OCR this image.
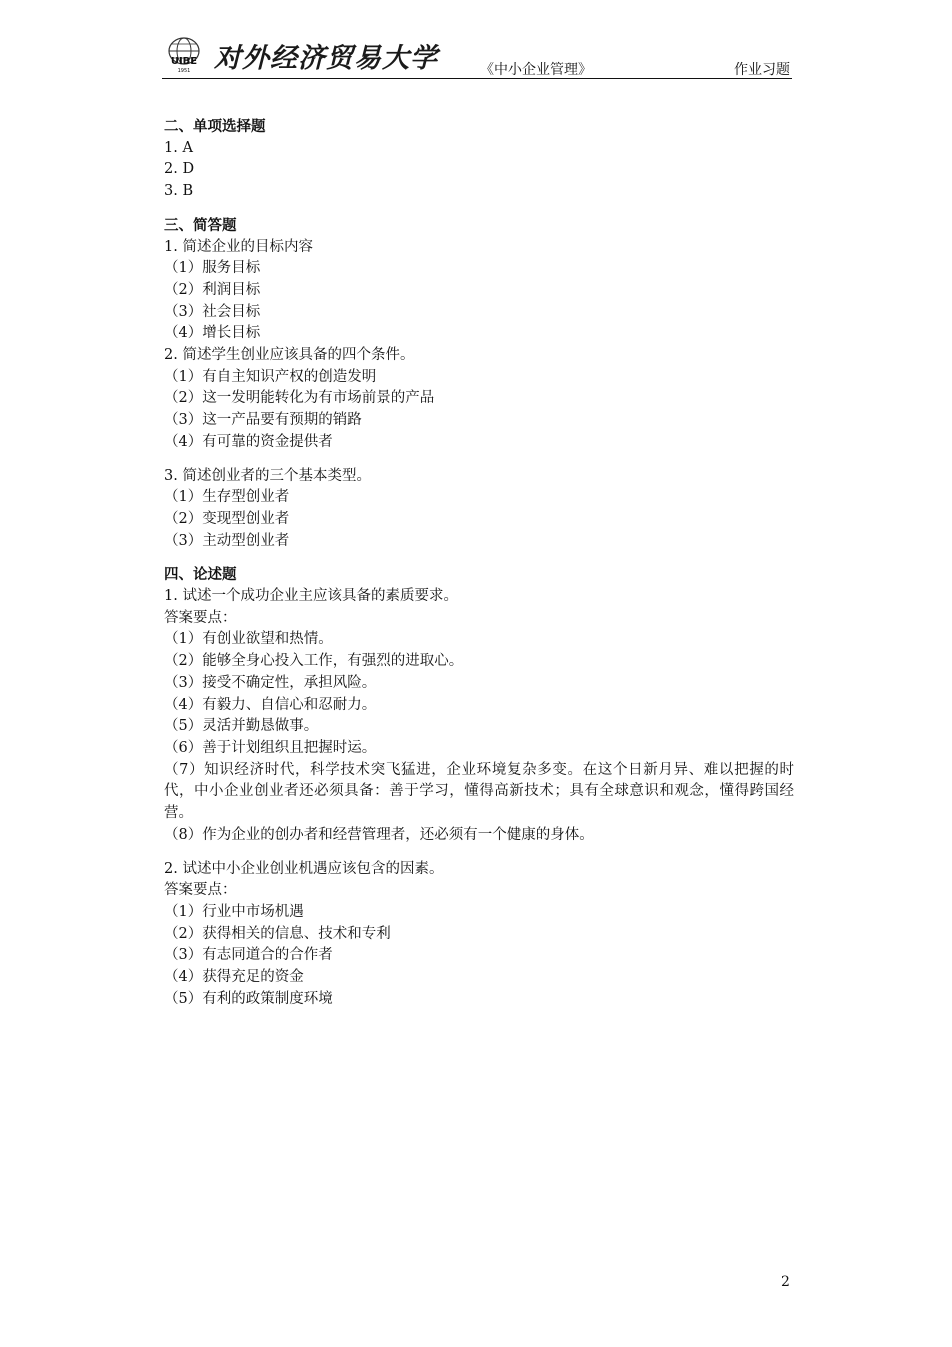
UIBE
1951 对外经济贸易大学	《中小企业管理》	作业习题

二、单项选择题

1. A

2. D

3. B

三、简答题

1. 简述企业的目标内容

（1）服务目标

（2）利润目标

（3）社会目标

（4）增长目标

2. 简述学生创业应该具备的四个条件。

（1）有自主知识产权的创造发明

（2）这一发明能转化为有市场前景的产品

（3）这一产品要有预期的销路

（4）有可靠的资金提供者

3. 简述创业者的三个基本类型。

（1）生存型创业者

（2）变现型创业者

（3）主动型创业者

四、论述题

1. 试述一个成功企业主应该具备的素质要求。

答案要点：

（1）有创业欲望和热情。

（2）能够全身心投入工作，有强烈的进取心。

（3）接受不确定性，承担风险。

（4）有毅力、自信心和忍耐力。

（5）灵活并勤恳做事。

（6）善于计划组织且把握时运。

（7）知识经济时代，科学技术突飞猛进，企业环境复杂多变。在这个日新月异、难以把握的时代，中小企业创业者还必须具备：善于学习，懂得高新技术；具有全球意识和观念，懂得跨国经营。

（8）作为企业的创办者和经营管理者，还必须有一个健康的身体。

2. 试述中小企业创业机遇应该包含的因素。

答案要点：

（1）行业中市场机遇

（2）获得相关的信息、技术和专利

（3）有志同道合的合作者

（4）获得充足的资金

（5）有利的政策制度环境

2
